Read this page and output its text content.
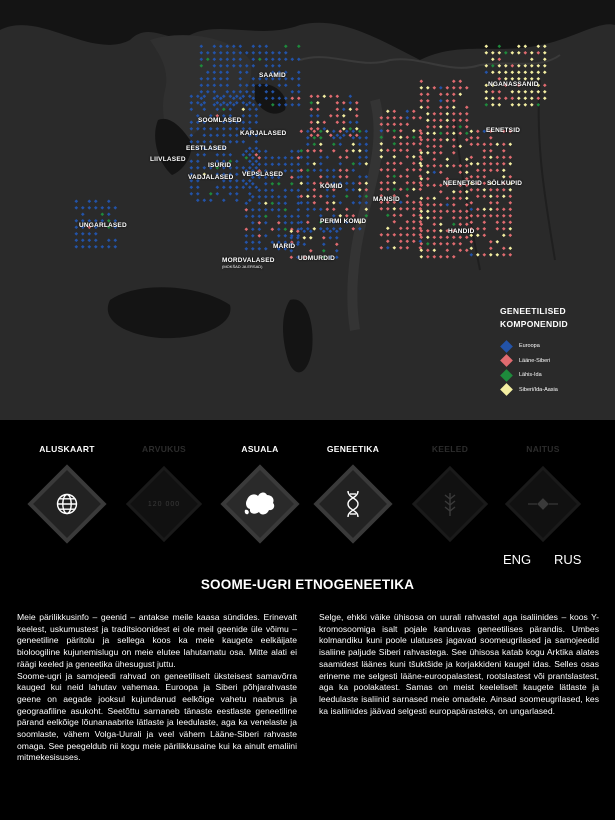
SAAMID
SOOMLASED
KARJALASED
EESTLASED
LIIVLASED
ISURID
VADJALASED VEPSLASED
KOMID
UNGARLASED
PERMI KOMID
MANSID
MARID
UDMURDID
MORDVALASED
(MOKŠAD JA ERSAD)
NGANASSANID
EENETSID
NEENETSID SÖLKUPID
HANDID
GENEETILISED
KOMPONENDID
Euroopa
Lääne-Siberi
Lähis-Ida
Siberi/Ida-Aasia
ALUSKAART	ARVUKUS	ASUALA	GENEETIKA	KEELED	NAITUS
120 000
ENG RUS
SOOME-UGRI ETNOGENEETIKA

Meie pärilikkusinfo – geenid – antakse meile kaasa sündides. Erinevalt keelest, uskumustest ja traditsioonidest ei ole meil geenide üle võimu – geneetiline päritolu ja sellega koos ka meie kaugete eelkäijate bioloogiline kujunemislugu on meie elutee lahutamatu osa. Mitte alati ei räägi keeled ja geneetika ühesugust juttu.

Soome-ugri ja samojeedi rahvad on geneetiliselt üksteisest samavõrra kauged kui neid lahutav vahemaa. Euroopa ja Siberi põhjarahvaste geene on aegade jooksul kujundanud eelkõige vahetu naabrus ja geograafiline asukoht. Seetõttu sarnaneb tänaste eestlaste geneetiline pärand eelkõige lõunanaabrite lätlaste ja leedulaste, aga ka venelaste ja soomlaste, vähem Volga-Uurali ja veel vähem Lääne-Siberi rahvaste omaga. See peegeldub nii kogu meie pärilikkusaine kui ka ainult emaliini mitmekesisuses.

Selge, ehkki väike ühisosa on uurali rahvastel aga isaliinides – koos Y-kromosoomiga isalt pojale kanduvas geneetilises pärandis. Umbes kolmandiku kuni poole ulatuses jagavad soomeugrilased ja samojeedid isaliine paljude Siberi rahvastega. See ühisosa katab kogu Arktika alates saamidest läänes kuni tšuktšide ja korjakkideni kaugel idas. Selles osas erineme me selgesti lääne-euroopalastest, rootslastest või prantslastest, aga ka poolakatest. Samas on meist keeleliselt kaugete lätlaste ja leedulaste isaliinid sarnased meie omadele. Ainsad soomeugrilased, kes ka isaliinides jäävad selgesti europapärasteks, on ungarlased.
